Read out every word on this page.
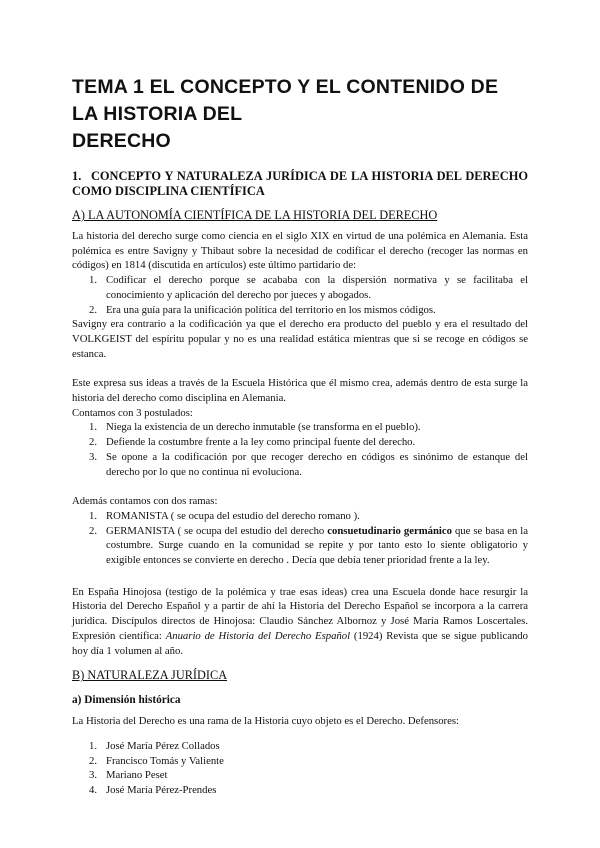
TEMA 1 EL CONCEPTO Y EL CONTENIDO DE LA HISTORIA DEL
DERECHO
1. CONCEPTO Y NATURALEZA JURÍDICA DE LA HISTORIA DEL DERECHO COMO DISCIPLINA CIENTÍFICA
A) LA AUTONOMÍA CIENTÍFICA DE LA HISTORIA DEL DERECHO

La historia del derecho surge como ciencia en el siglo XIX en virtud de una polémica en Alemania. Esta polémica es entre Savigny y Thibaut sobre la necesidad de codificar el derecho (recoger las normas en códigos) en 1814 (discutida en artículos) este último partidario de:

1. Codificar el derecho porque se acababa con la dispersión normativa y se facilitaba el conocimiento y aplicación del derecho por jueces y abogados.
2. Era una guía para la unificación política del territorio en los mismos códigos.

Savigny era contrario a la codificación ya que el derecho era producto del pueblo y era el resultado del VOLKGEIST del espíritu popular y no es una realidad estática mientras que si se recoge en códigos se estanca.

Este expresa sus ideas a través de la Escuela Histórica que él mismo crea, además dentro de esta surge la historia del derecho como disciplina en Alemania.

Contamos con 3 postulados:

1. Niega la existencia de un derecho inmutable (se transforma en el pueblo).
2. Defiende la costumbre frente a la ley como principal fuente del derecho.
3. Se opone a la codificación por que recoger derecho en códigos es sinónimo de estanque del derecho por lo que no continua ni evoluciona.

Además contamos con dos ramas:

1. ROMANISTA ( se ocupa del estudio del derecho romano ).
2. GERMANISTA ( se ocupa del estudio del derecho consuetudinario germánico que se basa en la costumbre. Surge cuando en la comunidad se repite y por tanto esto lo siente obligatorio y exigible entonces se convierte en derecho . Decía que debía tener prioridad frente a la ley.

En España Hinojosa (testigo de la polémica y trae esas ideas) crea una Escuela donde hace resurgir la Historia del Derecho Español y a partir de ahí la Historia del Derecho Español se incorpora a la carrera jurídica. Discípulos directos de Hinojosa: Claudio Sánchez Albornoz y José María Ramos Loscertales. Expresión científica: Anuario de Historia del Derecho Español (1924) Revista que se sigue publicando hoy día 1 volumen al año.

B) NATURALEZA JURÍDICA
a) Dimensión histórica

La Historia del Derecho es una rama de la Historia cuyo objeto es el Derecho. Defensores:

1. José María Pérez Collados
2. Francisco Tomás y Valiente
3. Mariano Peset
4. José María Pérez-Prendes
